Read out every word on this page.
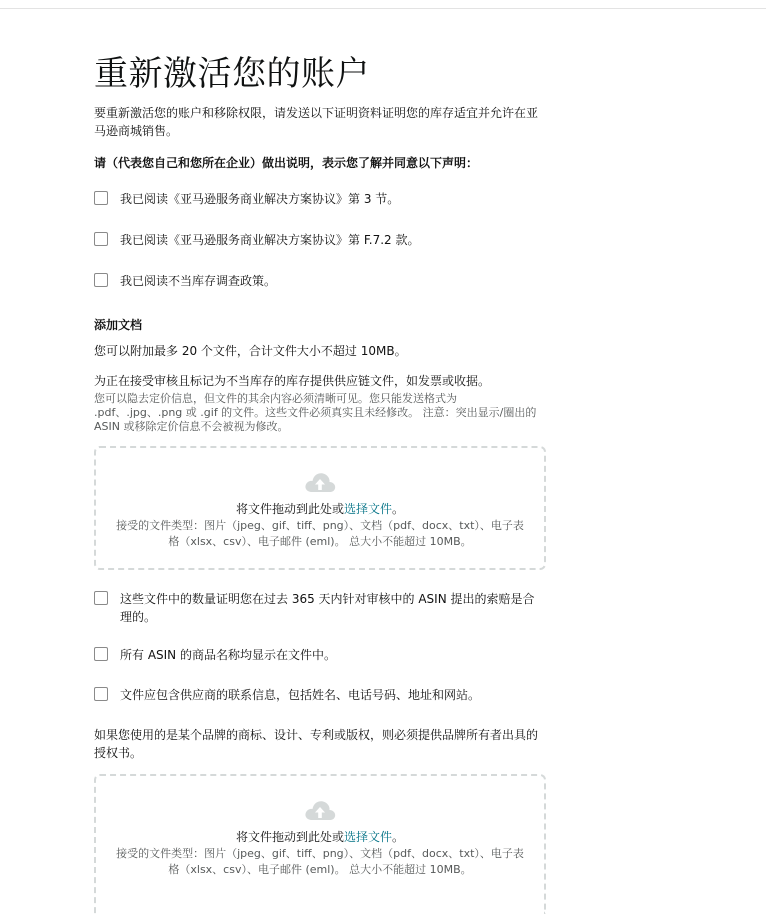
重新激活您的账户
要重新激活您的账户和移除权限，请发送以下证明资料证明您的库存适宜并允许在亚马逊商城销售。
请（代表您自己和您所在企业）做出说明，表示您了解并同意以下声明：
我已阅读《亚马逊服务商业解决方案协议》第 3 节。
我已阅读《亚马逊服务商业解决方案协议》第 F.7.2 款。
我已阅读不当库存调查政策。
添加文档
您可以附加最多 20 个文件，合计文件大小不超过 10MB。
为正在接受审核且标记为不当库存的库存提供供应链文件，如发票或收据。
您可以隐去定价信息，但文件的其余内容必须清晰可见。您只能发送格式为 .pdf、.jpg、.png 或 .gif 的文件。这些文件必须真实且未经修改。 注意：突出显示/圈出的 ASIN 或移除定价信息不会被视为修改。
将文件拖动到此处或选择文件。
接受的文件类型：图片（jpeg、gif、tiff、png）、文档（pdf、docx、txt）、电子表格（xlsx、csv）、电子邮件 (eml)。 总大小不能超过 10MB。
这些文件中的数量证明您在过去 365 天内针对审核中的 ASIN 提出的索赔是合理的。
所有 ASIN 的商品名称均显示在文件中。
文件应包含供应商的联系信息，包括姓名、电话号码、地址和网站。
如果您使用的是某个品牌的商标、设计、专利或版权，则必须提供品牌所有者出具的授权书。
将文件拖动到此处或选择文件。
接受的文件类型：图片（jpeg、gif、tiff、png）、文档（pdf、docx、txt）、电子表格（xlsx、csv）、电子邮件 (eml)。 总大小不能超过 10MB。
